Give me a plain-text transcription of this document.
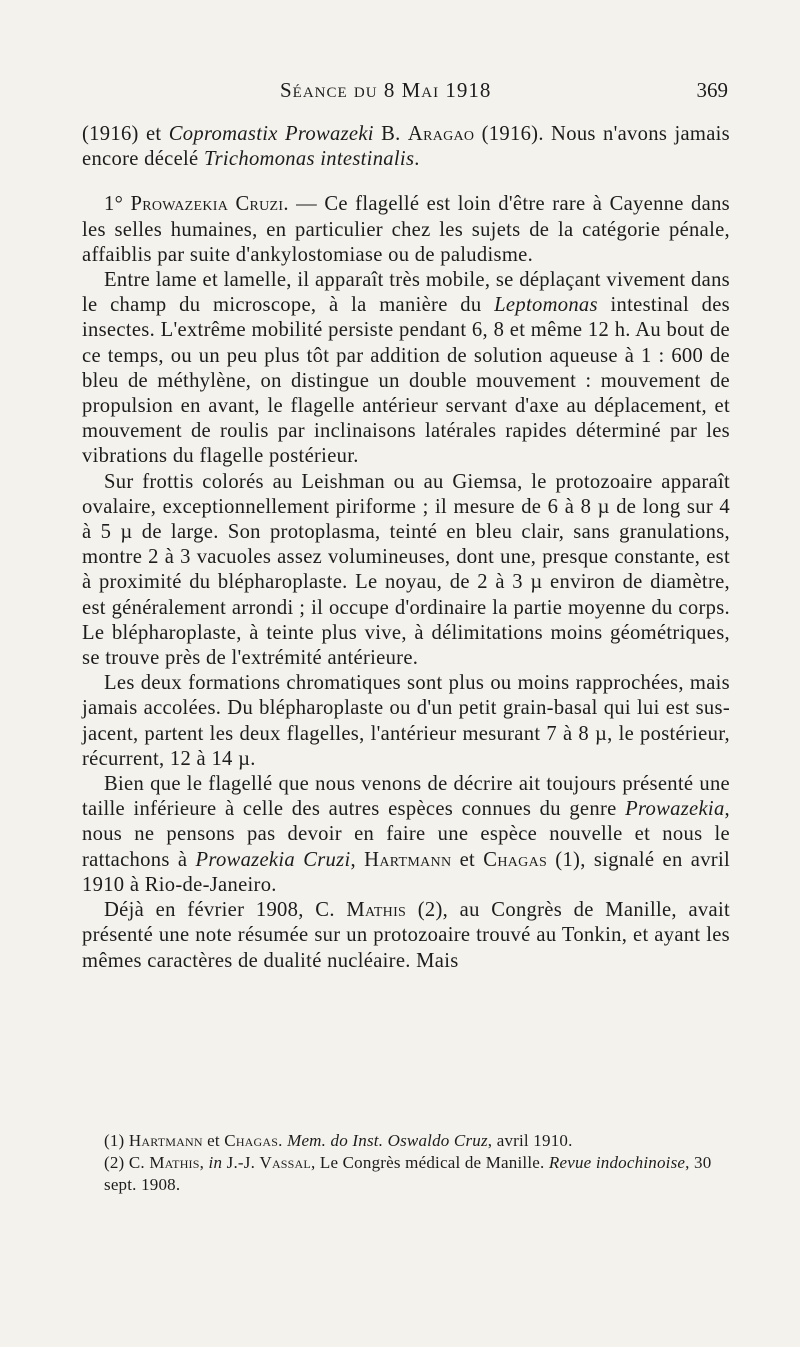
Séance du 8 Mai 1918	369

(1916) et Copromastix Prowazeki B. Aragao (1916). Nous n'avons jamais encore décelé Trichomonas intestinalis.

1° Prowazekia Cruzi. — Ce flagellé est loin d'être rare à Cayenne dans les selles humaines, en particulier chez les sujets de la catégorie pénale, affaiblis par suite d'ankylostomiase ou de paludisme.

Entre lame et lamelle, il apparaît très mobile, se déplaçant vivement dans le champ du microscope, à la manière du Leptomonas intestinal des insectes. L'extrême mobilité persiste pendant 6, 8 et même 12 h. Au bout de ce temps, ou un peu plus tôt par addition de solution aqueuse à 1 : 600 de bleu de méthylène, on distingue un double mouvement : mouvement de propulsion en avant, le flagelle antérieur servant d'axe au déplacement, et mouvement de roulis par inclinaisons latérales rapides déterminé par les vibrations du flagelle postérieur.

Sur frottis colorés au Leishman ou au Giemsa, le protozoaire apparaît ovalaire, exceptionnellement piriforme ; il mesure de 6 à 8 µ de long sur 4 à 5 µ de large. Son protoplasma, teinté en bleu clair, sans granulations, montre 2 à 3 vacuoles assez volumineuses, dont une, presque constante, est à proximité du blépharoplaste. Le noyau, de 2 à 3 µ environ de diamètre, est généralement arrondi ; il occupe d'ordinaire la partie moyenne du corps. Le blépharoplaste, à teinte plus vive, à délimitations moins géométriques, se trouve près de l'extrémité antérieure.

Les deux formations chromatiques sont plus ou moins rapprochées, mais jamais accolées. Du blépharoplaste ou d'un petit grain-basal qui lui est sus-jacent, partent les deux flagelles, l'antérieur mesurant 7 à 8 µ, le postérieur, récurrent, 12 à 14 µ.

Bien que le flagellé que nous venons de décrire ait toujours présenté une taille inférieure à celle des autres espèces connues du genre Prowazekia, nous ne pensons pas devoir en faire une espèce nouvelle et nous le rattachons à Prowazekia Cruzi, Hartmann et Chagas (1), signalé en avril 1910 à Rio-de-Janeiro.

Déjà en février 1908, C. Mathis (2), au Congrès de Manille, avait présenté une note résumée sur un protozoaire trouvé au Tonkin, et ayant les mêmes caractères de dualité nucléaire. Mais

(1) Hartmann et Chagas. Mem. do Inst. Oswaldo Cruz, avril 1910.

(2) C. Mathis, in J.-J. Vassal, Le Congrès médical de Manille. Revue indochinoise, 30 sept. 1908.
